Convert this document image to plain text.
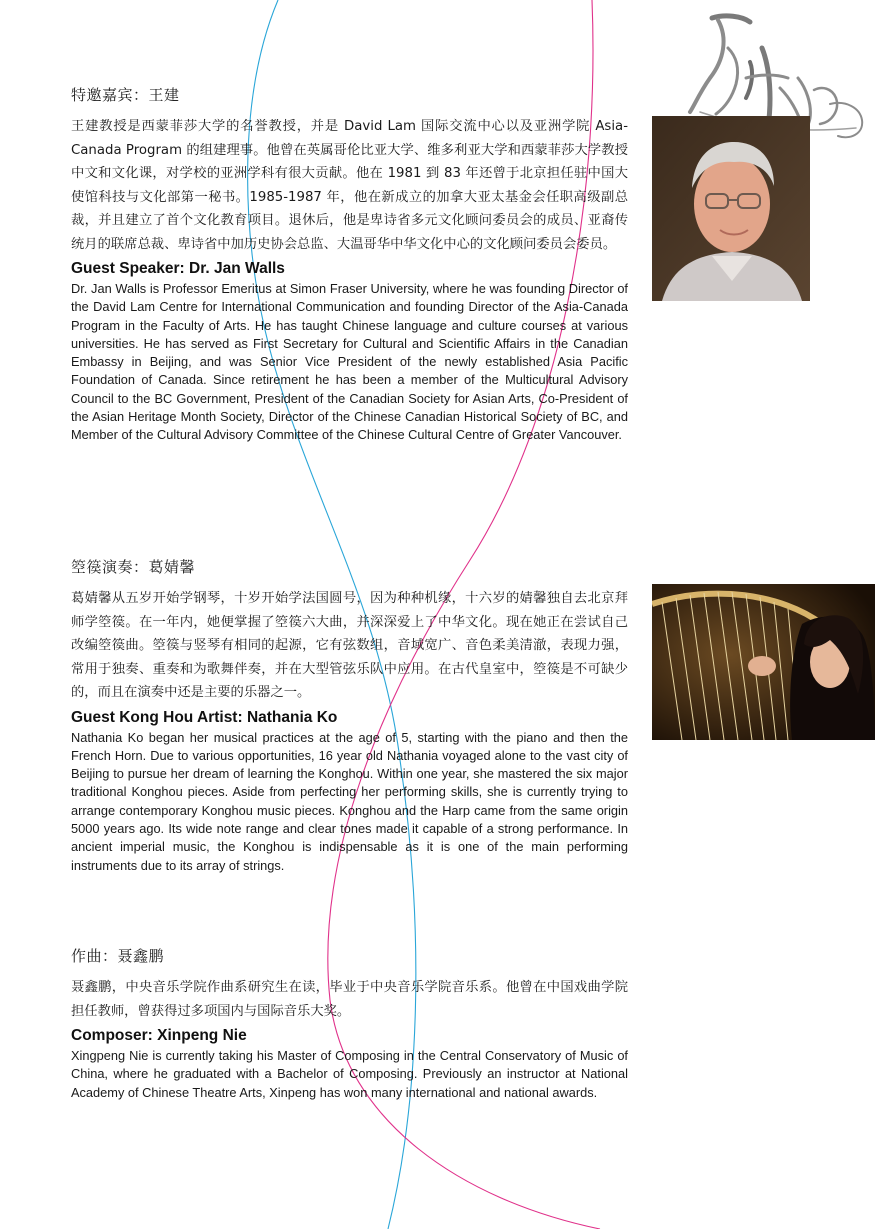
特邀嘉宾：王建

王建教授是西蒙菲莎大学的名誉教授，并是 David Lam 国际交流中心以及亚洲学院 Asia-Canada Program 的组建理事。他曾在英属哥伦比亚大学、维多利亚大学和西蒙菲莎大学教授中文和文化课，对学校的亚洲学科有很大贡献。他在 1981 到 83 年还曾于北京担任驻中国大使馆科技与文化部第一秘书。1985-1987 年，他在新成立的加拿大亚太基金会任职高级副总裁，并且建立了首个文化教育项目。退休后，他是卑诗省多元文化顾问委员会的成员、亚裔传统月的联席总裁、卑诗省中加历史协会总监、大温哥华中华文化中心的文化顾问委员会委员。

Guest Speaker: Dr. Jan Walls

Dr. Jan Walls is Professor Emeritus at Simon Fraser University, where he was founding Director of the David Lam Centre for International Communication and founding Director of the Asia-Canada Program in the Faculty of Arts. He has taught Chinese language and culture courses at various universities. He has served as First Secretary for Cultural and Scientific Affairs in the Canadian Embassy in Beijing, and was Senior Vice President of the newly established Asia Pacific Foundation of Canada. Since retirement he has been a member of the Multicultural Advisory Council to the BC Government, President of the Canadian Society for Asian Arts, Co-President of the Asian Heritage Month Society, Director of the Chinese Canadian Historical Society of BC, and Member of the Cultural Advisory Committee of the Chinese Cultural Centre of Greater Vancouver.

箜篌演奏：葛婧馨

葛婧馨从五岁开始学钢琴，十岁开始学法国圆号，因为种种机缘，十六岁的婧馨独自去北京拜师学箜篌。在一年内，她便掌握了箜篌六大曲，并深深爱上了中华文化。现在她正在尝试自己改编箜篌曲。箜篌与竖琴有相同的起源，它有弦数组，音域宽广、音色柔美清澈，表现力强，常用于独奏、重奏和为歌舞伴奏，并在大型管弦乐队中应用。在古代皇室中，箜篌是不可缺少的，而且在演奏中还是主要的乐器之一。

Guest Kong Hou Artist: Nathania Ko

Nathania Ko began her musical practices at the age of 5, starting with the piano and then the French Horn. Due to various opportunities, 16 year old Nathania voyaged alone to the vast city of Beijing to pursue her dream of learning the Konghou. Within one year, she mastered the six major traditional Konghou pieces. Aside from perfecting her performing skills, she is currently trying to arrange contemporary Konghou music pieces. Konghou and the Harp came from the same origin 5000 years ago. Its wide note range and clear tones made it capable of a strong performance. In ancient imperial music, the Konghou is indispensable as it is one of the main performing instruments due to its array of strings.

作曲：聂鑫鹏

聂鑫鹏，中央音乐学院作曲系研究生在读，毕业于中央音乐学院音乐系。他曾在中国戏曲学院担任教师，曾获得过多项国内与国际音乐大奖。

Composer: Xinpeng Nie

Xingpeng Nie is currently taking his Master of Composing in the Central Conservatory of Music of China, where he graduated with a Bachelor of Composing. Previously an instructor at National Academy of Chinese Theatre Arts, Xinpeng has won many international and national awards.
